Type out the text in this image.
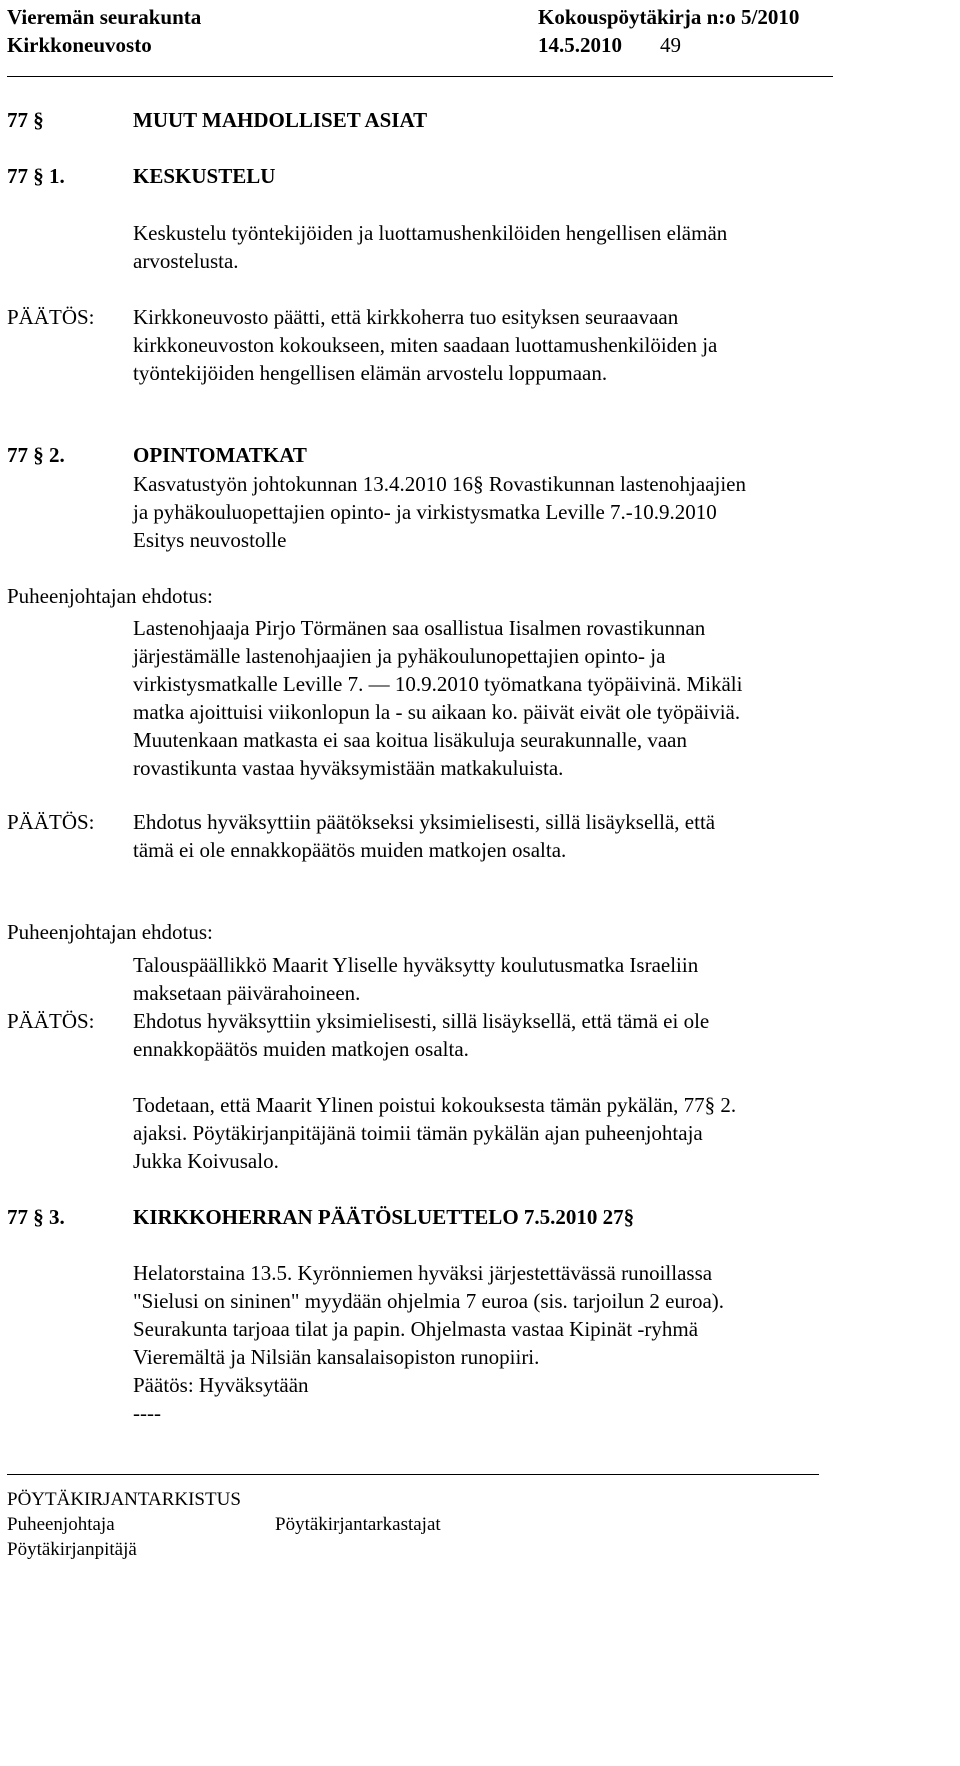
Vieremän seurakunta
Kirkkoneuvosto
Kokouspöytäkirja n:o 5/2010
14.5.2010 49
77 §	MUUT MAHDOLLISET ASIAT
77 § 1.	KESKUSTELU
Keskustelu työntekijöiden ja luottamushenkilöiden hengellisen elämän
arvostelusta.
PÄÄTÖS: Kirkkoneuvosto päätti, että kirkkoherra tuo esityksen seuraavaan
kirkkoneuvoston kokoukseen, miten saadaan luottamushenkilöiden ja
työntekijöiden hengellisen elämän arvostelu loppumaan.
77 § 2.	OPINTOMATKAT
Kasvatustyön johtokunnan 13.4.2010 16§ Rovastikunnan lastenohjaajien
ja pyhäkouluopettajien opinto- ja virkistysmatka Leville 7.-10.9.2010
Esitys neuvostolle
Puheenjohtajan ehdotus:
Lastenohjaaja Pirjo Törmänen saa osallistua Iisalmen rovastikunnan
järjestämälle lastenohjaajien ja pyhäkoulunopettajien opinto- ja
virkistysmatkalle Leville 7. — 10.9.2010 työmatkana työpäivinä. Mikäli
matka ajoittuisi viikonlopun la - su aikaan ko. päivät eivät ole työpäiviä.
Muutenkaan matkasta ei saa koitua lisäkuluja seurakunnalle, vaan
rovastikunta vastaa hyväksymistään matkakuluista.
PÄÄTÖS: Ehdotus hyväksyttiin päätökseksi yksimielisesti, sillä lisäyksellä, että
tämä ei ole ennakkopäätös muiden matkojen osalta.
Puheenjohtajan ehdotus:
Talouspäällikkö Maarit Yliselle hyväksytty koulutusmatka Israeliin
maksetaan päivärahoineen.
PÄÄTÖS: Ehdotus hyväksyttiin yksimielisesti, sillä lisäyksellä, että tämä ei ole
ennakkopäätös muiden matkojen osalta.
Todetaan, että Maarit Ylinen poistui kokouksesta tämän pykälän, 77§ 2.
ajaksi. Pöytäkirjanpitäjänä toimii tämän pykälän ajan puheenjohtaja
Jukka Koivusalo.
77 § 3.	KIRKKOHERRAN PÄÄTÖSLUETTELO 7.5.2010 27§
Helatorstaina 13.5. Kyrönniemen hyväksi järjestettävässä runoillassa
"Sielusi on sininen" myydään ohjelmia 7 euroa (sis. tarjoilun 2 euroa).
Seurakunta tarjoaa tilat ja papin. Ohjelmasta vastaa Kipinät -ryhmä
Vieremältä ja Nilsiän kansalaisopiston runopiiri.
Päätös: Hyväksytään
----
PÖYTÄKIRJANTARKISTUS
Puheenjohtaja	Pöytäkirjantarkastajat
Pöytäkirjanpitäjä
